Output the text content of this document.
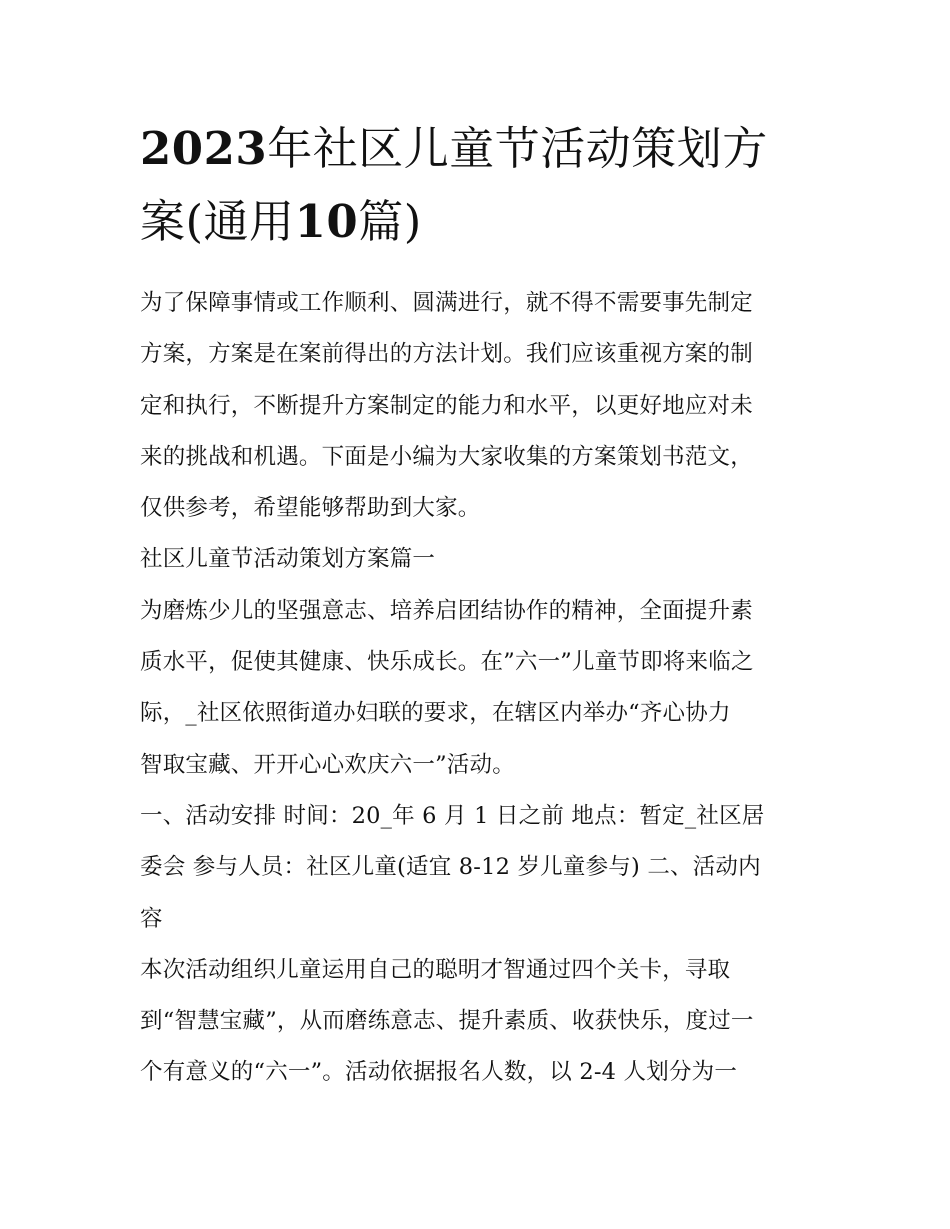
2023年社区儿童节活动策划方
案(通用10篇)
为了保障事情或工作顺利、圆满进行，就不得不需要事先制定
方案，方案是在案前得出的方法计划。我们应该重视方案的制
定和执行，不断提升方案制定的能力和水平，以更好地应对未
来的挑战和机遇。下面是小编为大家收集的方案策划书范文，
仅供参考，希望能够帮助到大家。
社区儿童节活动策划方案篇一
为磨炼少儿的坚强意志、培养启团结协作的精神，全面提升素
质水平，促使其健康、快乐成长。在”六一”儿童节即将来临之
际，_社区依照街道办妇联的要求，在辖区内举办“齐心协力
智取宝藏、开开心心欢庆六一”活动。
一、活动安排 时间：20_年 6 月 1 日之前 地点：暂定_社区居
委会 参与人员：社区儿童(适宜 8-12 岁儿童参与) 二、活动内
容
本次活动组织儿童运用自己的聪明才智通过四个关卡，寻取
到“智慧宝藏”，从而磨练意志、提升素质、收获快乐，度过一
个有意义的“六一”。活动依据报名人数，以 2-4 人划分为一
